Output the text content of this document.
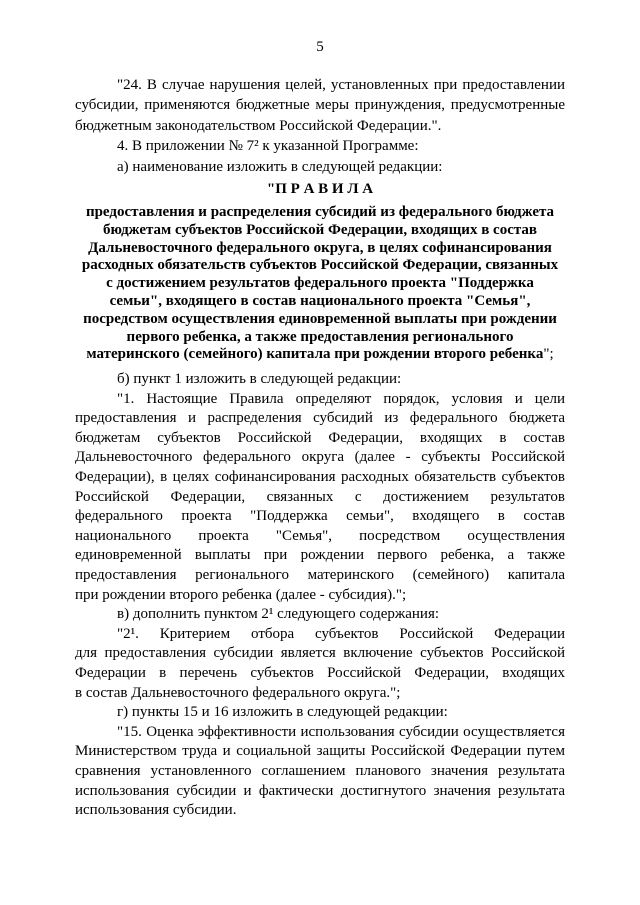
5
"24. В случае нарушения целей, установленных при предоставлении
субсидии, применяются бюджетные меры принуждения, предусмотренные
бюджетным законодательством Российской Федерации.".
4. В приложении № 7² к указанной Программе:
а) наименование изложить в следующей редакции:
"П Р А В И Л А
предоставления и распределения субсидий из федерального бюджета
бюджетам субъектов Российской Федерации, входящих в состав
Дальневосточного федерального округа, в целях софинансирования
расходных обязательств субъектов Российской Федерации, связанных
с достижением результатов федерального проекта "Поддержка
семьи", входящего в состав национального проекта "Семья",
посредством осуществления единовременной выплаты при рождении
первого ребенка, а также предоставления регионального
материнского (семейного) капитала при рождении второго ребенка";
б) пункт 1 изложить в следующей редакции:
"1. Настоящие Правила определяют порядок, условия и цели
предоставления и распределения субсидий из федерального бюджета
бюджетам субъектов Российской Федерации, входящих в состав
Дальневосточного федерального округа (далее - субъекты Российской
Федерации), в целях софинансирования расходных обязательств субъектов
Российской Федерации, связанных с достижением результатов
федерального проекта "Поддержка семьи", входящего в состав
национального проекта "Семья", посредством осуществления
единовременной выплаты при рождении первого ребенка, а также
предоставления регионального материнского (семейного) капитала
при рождении второго ребенка (далее - субсидия).";
в) дополнить пунктом 2¹ следующего содержания:
"2¹. Критерием отбора субъектов Российской Федерации
для предоставления субсидии является включение субъектов Российской
Федерации в перечень субъектов Российской Федерации, входящих
в состав Дальневосточного федерального округа.";
г) пункты 15 и 16 изложить в следующей редакции:
"15. Оценка эффективности использования субсидии осуществляется
Министерством труда и социальной защиты Российской Федерации путем
сравнения установленного соглашением планового значения результата
использования субсидии и фактически достигнутого значения результата
использования субсидии.
